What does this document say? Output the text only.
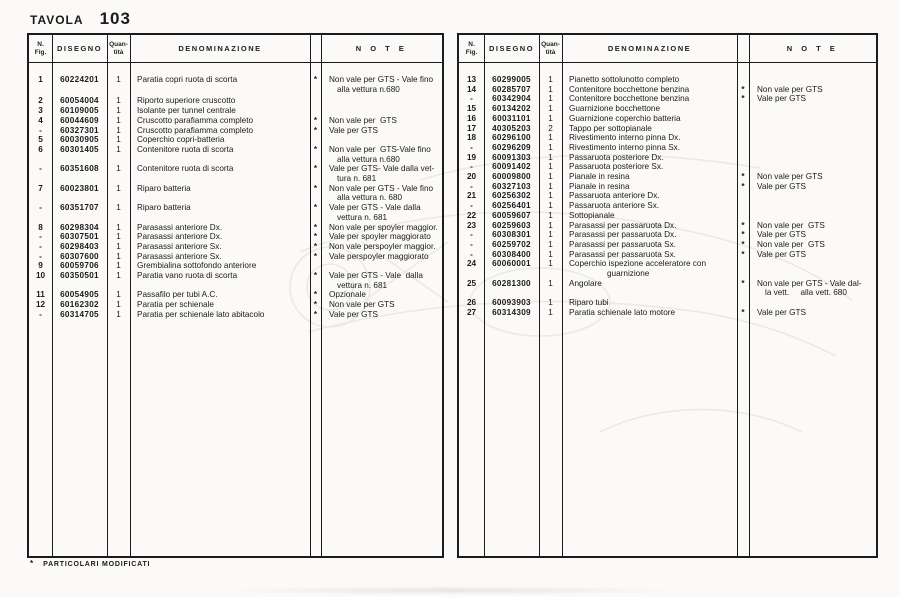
TAVOLA 103
N.
Fig.	DISEGNO	Quan-
tità	DENOMINAZIONE	N O T E
1	60224201	1	Paratia copri ruota di scorta	*	Non vale per GTS - Vale fino
alla vettura n.680
2	60054004	1	Riporto superiore cruscotto
3	60109005	1	Isolante per tunnel centrale
4	60044609	1	Cruscotto parafiamma completo	*	Non vale per  GTS
-	60327301	1	Cruscotto parafiamma completo	*	Vale per GTS
5	60030905	1	Coperchio copri-batteria
6	60301405	1	Contenitore ruota di scorta	*	Non vale per  GTS-Vale fino
alla vettura n.680
-	60351608	1	Contenitore ruota di scorta	*	Vale per GTS- Vale dalla vet-
tura n. 681
7	60023801	1	Riparo batteria	*	Non vale per GTS - Vale fino
alla vettura n. 680
-	60351707	1	Riparo batteria	*	Vale per GTS - Vale dalla
vettura n. 681
8	60298304	1	Parasassi anteriore Dx.	*	Non vale per spoyler maggior.
-	60307501	1	Parasassi anteriore Dx.	*	Vale per spoyler maggiorato
-	60298403	1	Parasassi anteriore Sx.	*	Non vale perspoyler maggior.
-	60307600	1	Parasassi anteriore Sx.	*	Vale perspoyler maggiorato
9	60059706	1	Grembialina sottofondo anteriore
10	60350501	1	Paratia vano ruota di scorta	*	Vale per GTS - Vale  dalla
vettura n. 681
11	60054905	1	Passafilo per tubi A.C.	*	Opzionale
12	60162302	1	Paratia per schienale	*	Non vale per GTS
-	60314705	1	Paratia per schienale lato abitacolo	*	Vale per GTS
N.
Fig.	DISEGNO	Quan-
tità	DENOMINAZIONE	N O T E
13	60299005	1	Pianetto sottolunotto completo
14	60285707	1	Contenitore bocchettone benzina	*	Non vale per GTS
-	60342904	1	Contenitore bocchettone benzina	*	Vale per GTS
15	60134202	1	Guarnizione bocchettone
16	60031101	1	Guarnizione coperchio batteria
17	40305203	2	Tappo per sottopianale
18	60296100	1	Rivestimento interno pinna Dx.
-	60296209	1	Rivestimento interno pinna Sx.
19	60091303	1	Passaruota posteriore Dx.
-	60091402	1	Passaruota posteriore Sx.
20	60009800	1	Pianale in resina	*	Non vale per GTS
-	60327103	1	Pianale in resina	*	Vale per GTS
21	60256302	1	Passaruota anteriore Dx.
-	60256401	1	Passaruota anteriore Sx.
22	60059607	1	Sottopianale
23	60259603	1	Parasassi per passaruota Dx.	*	Non vale per  GTS
-	60308301	1	Parasassi per passaruota Dx.	*	Vale per GTS
-	60259702	1	Parasassi per passaruota Sx.	*	Non vale per  GTS
-	60308400	1	Parasassi per passaruota Sx.	*	Vale per GTS
24	60060001	1	Coperchio ispezione acceleratore con
guarnizione
25	60281300	1	Angolare	*	Non vale per GTS - Vale dal-
la vett.     alla vett. 680
26	60093903	1	Riparo tubi
27	60314309	1	Paratia schienale lato motore	*	Vale per GTS
* PARTICOLARI MODIFICATI
